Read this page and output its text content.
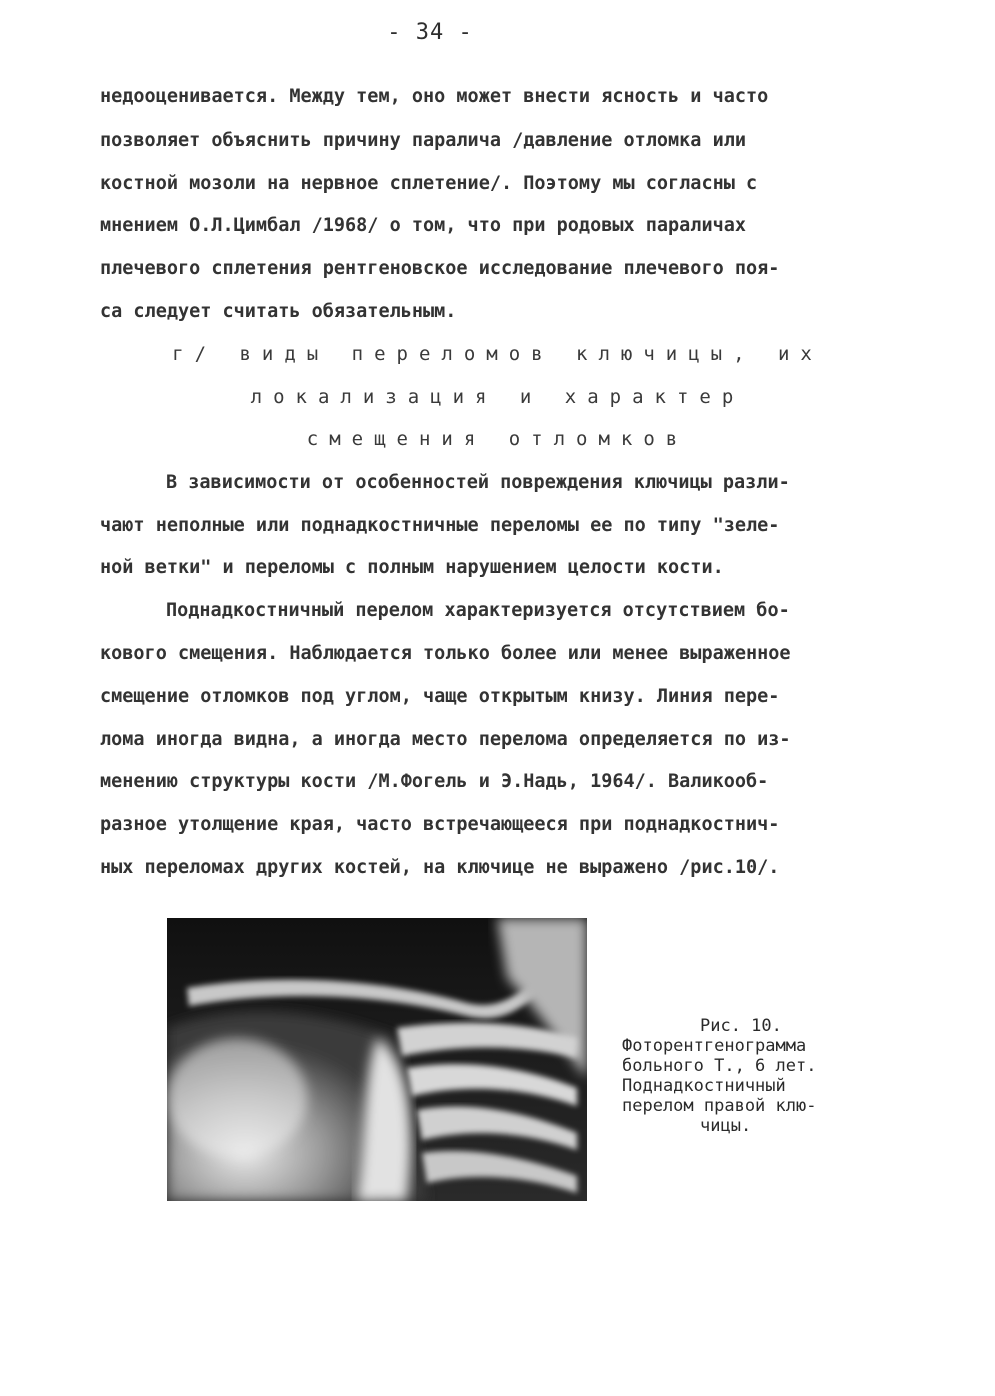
- 34 -
недооценивается. Между тем, оно может внести ясность и часто
позволяет объяснить причину паралича /давление отломка или
костной мозоли на нервное сплетение/. Поэтому мы согласны с
мнением О.Л.Цимбал /1968/ о том, что при родовых параличах
плечевого сплетения рентгеновское исследование плечевого поя-
са следует считать обязательным.
г/ виды переломов ключицы, их
локализация и характер
смещения отломков
В зависимости от особенностей повреждения ключицы разли-
чают неполные или поднадкостничные переломы ее по типу "зеле-
ной ветки" и переломы с полным нарушением целости кости.
Поднадкостничный перелом характеризуется отсутствием бо-
кового смещения. Наблюдается только более или менее выраженное
смещение отломков под углом, чаще открытым книзу. Линия пере-
лома иногда видна, а иногда место перелома определяется по из-
менению структуры кости /М.Фогель и Э.Надь, 1964/. Валикооб-
разное утолщение края, часто встречающееся при поднадкостнич-
ных переломах других костей, на ключице не выражено /рис.10/.
Рис. 10.
Фоторентгенограмма
больного Т., 6 лет.
Поднадкостничный
перелом правой клю-
чицы.
